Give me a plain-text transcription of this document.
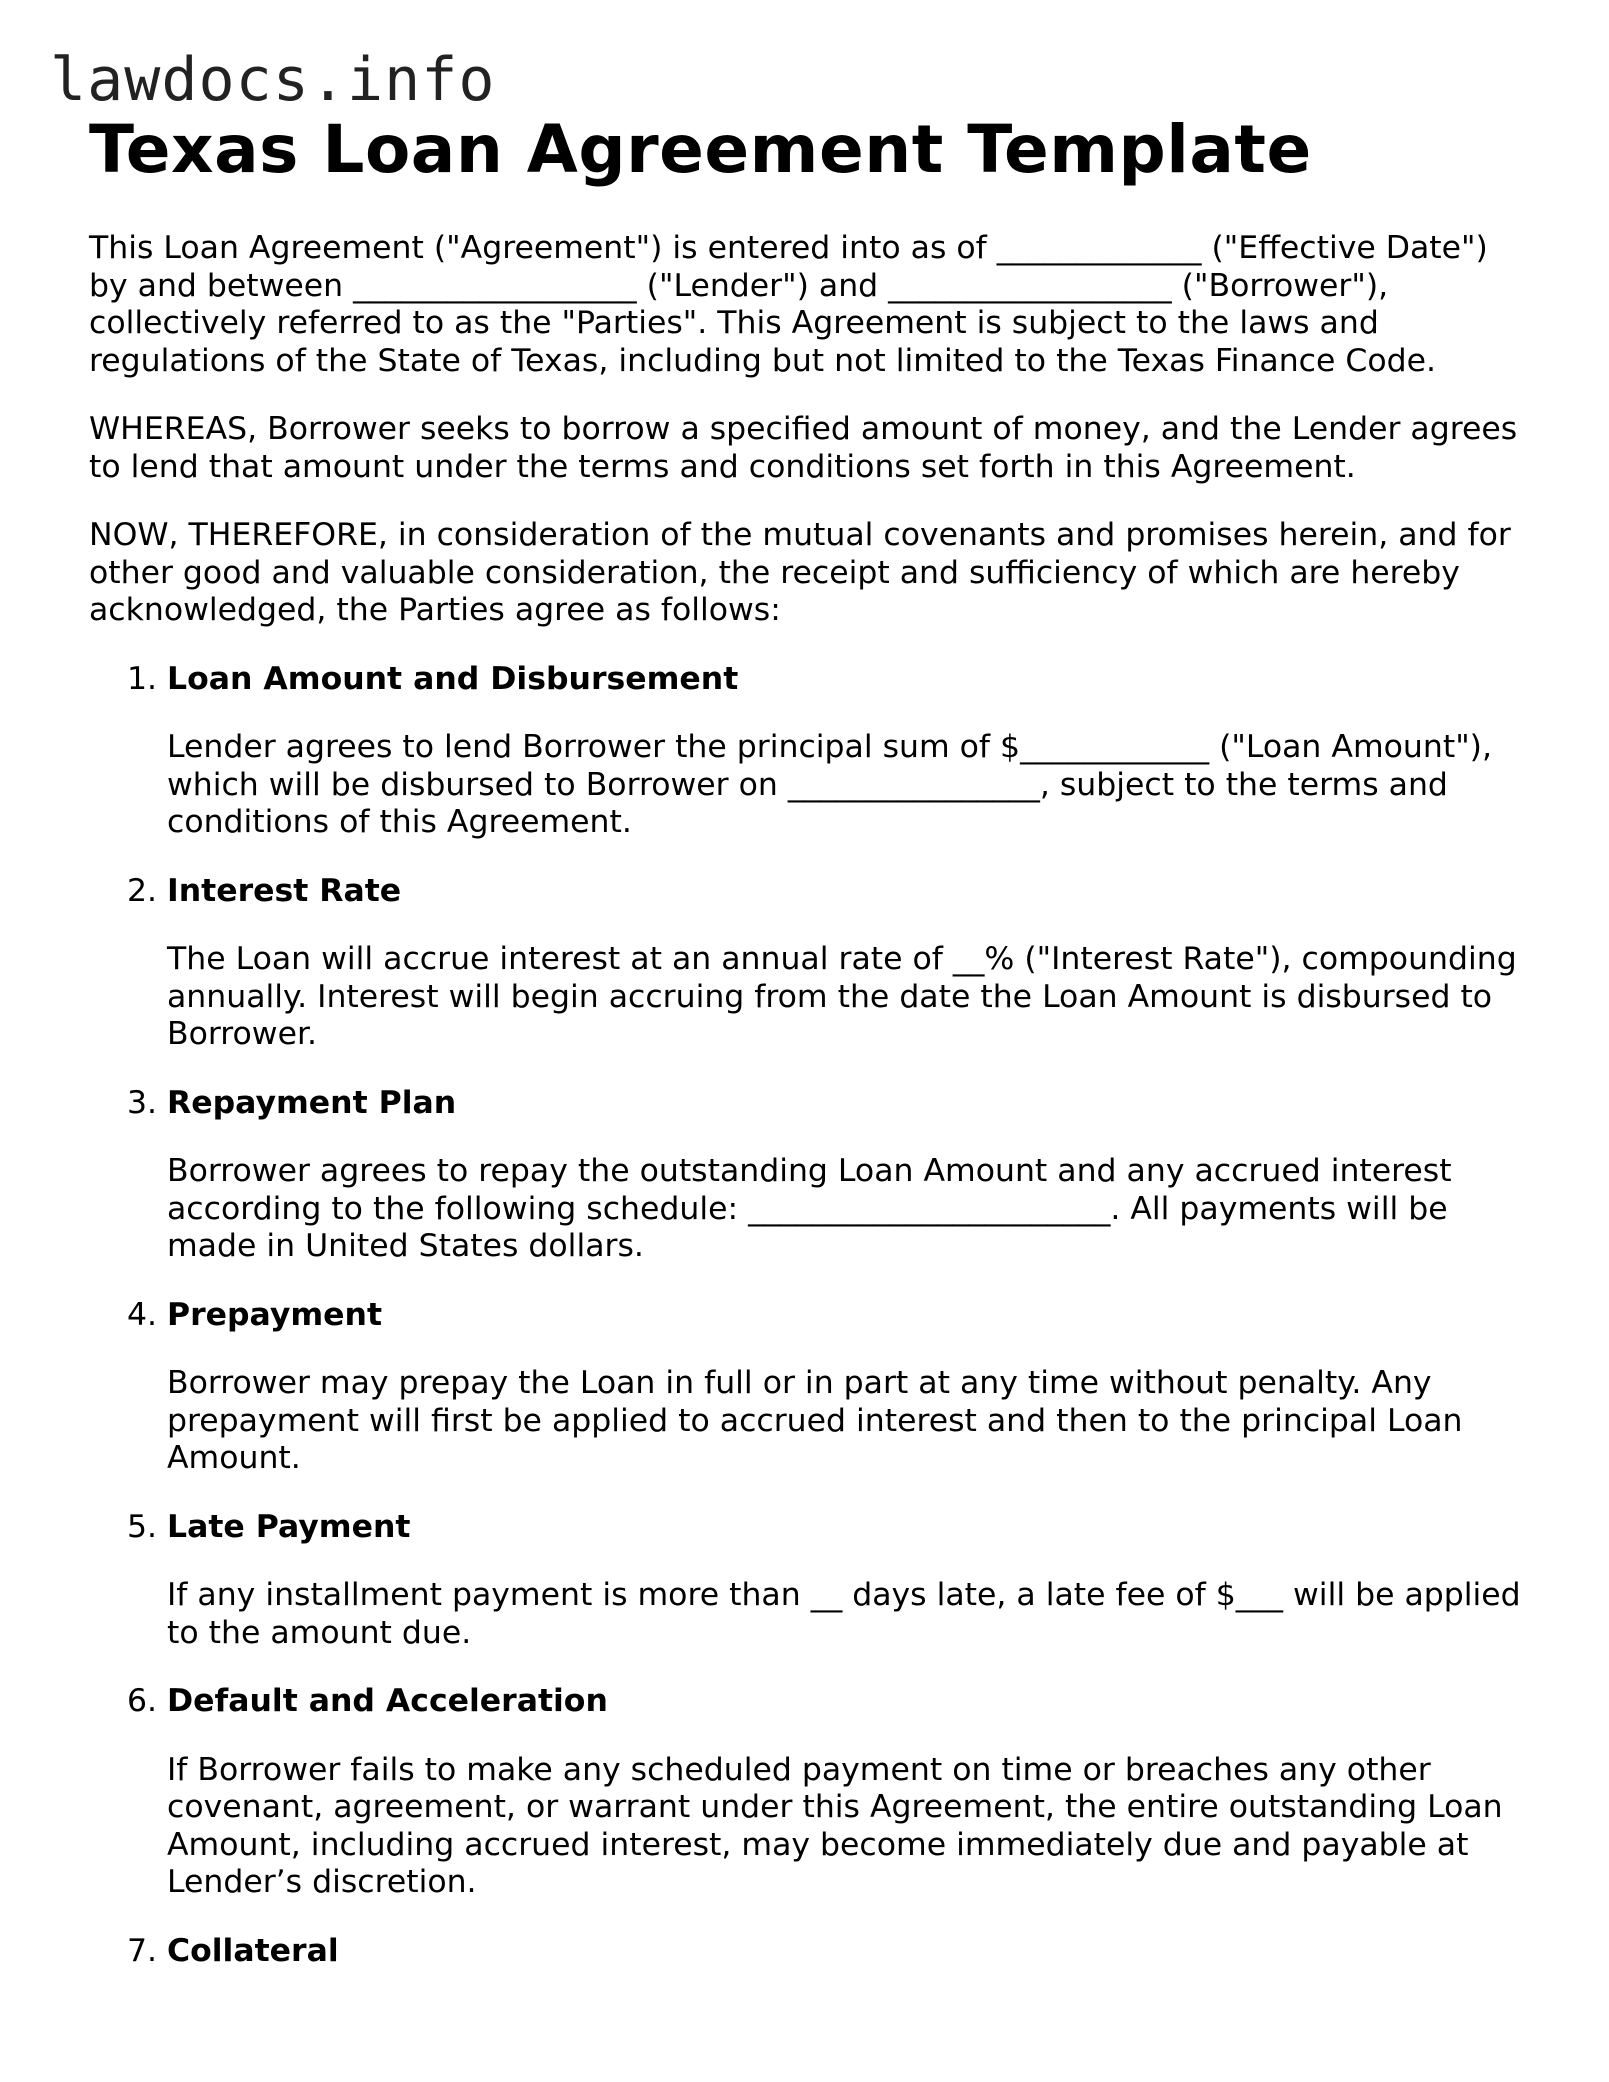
lawdocs.info
Texas Loan Agreement Template

This Loan Agreement ("Agreement") is entered into as of _____________ ("Effective Date") by and between __________________ ("Lender") and __________________ ("Borrower"), collectively referred to as the "Parties". This Agreement is subject to the laws and regulations of the State of Texas, including but not limited to the Texas Finance Code.

WHEREAS, Borrower seeks to borrow a specified amount of money, and the Lender agrees to lend that amount under the terms and conditions set forth in this Agreement.

NOW, THEREFORE, in consideration of the mutual covenants and promises herein, and for other good and valuable consideration, the receipt and sufficiency of which are hereby acknowledged, the Parties agree as follows:

1. Loan Amount and Disbursement

Lender agrees to lend Borrower the principal sum of $____________ ("Loan Amount"), which will be disbursed to Borrower on ________________, subject to the terms and conditions of this Agreement.

2. Interest Rate

The Loan will accrue interest at an annual rate of __% ("Interest Rate"), compounding annually. Interest will begin accruing from the date the Loan Amount is disbursed to Borrower.

3. Repayment Plan

Borrower agrees to repay the outstanding Loan Amount and any accrued interest according to the following schedule: _______________________. All payments will be made in United States dollars.

4. Prepayment

Borrower may prepay the Loan in full or in part at any time without penalty. Any prepayment will first be applied to accrued interest and then to the principal Loan Amount.

5. Late Payment

If any installment payment is more than __ days late, a late fee of $___ will be applied to the amount due.

6. Default and Acceleration

If Borrower fails to make any scheduled payment on time or breaches any other covenant, agreement, or warrant under this Agreement, the entire outstanding Loan Amount, including accrued interest, may become immediately due and payable at Lender’s discretion.

7. Collateral
